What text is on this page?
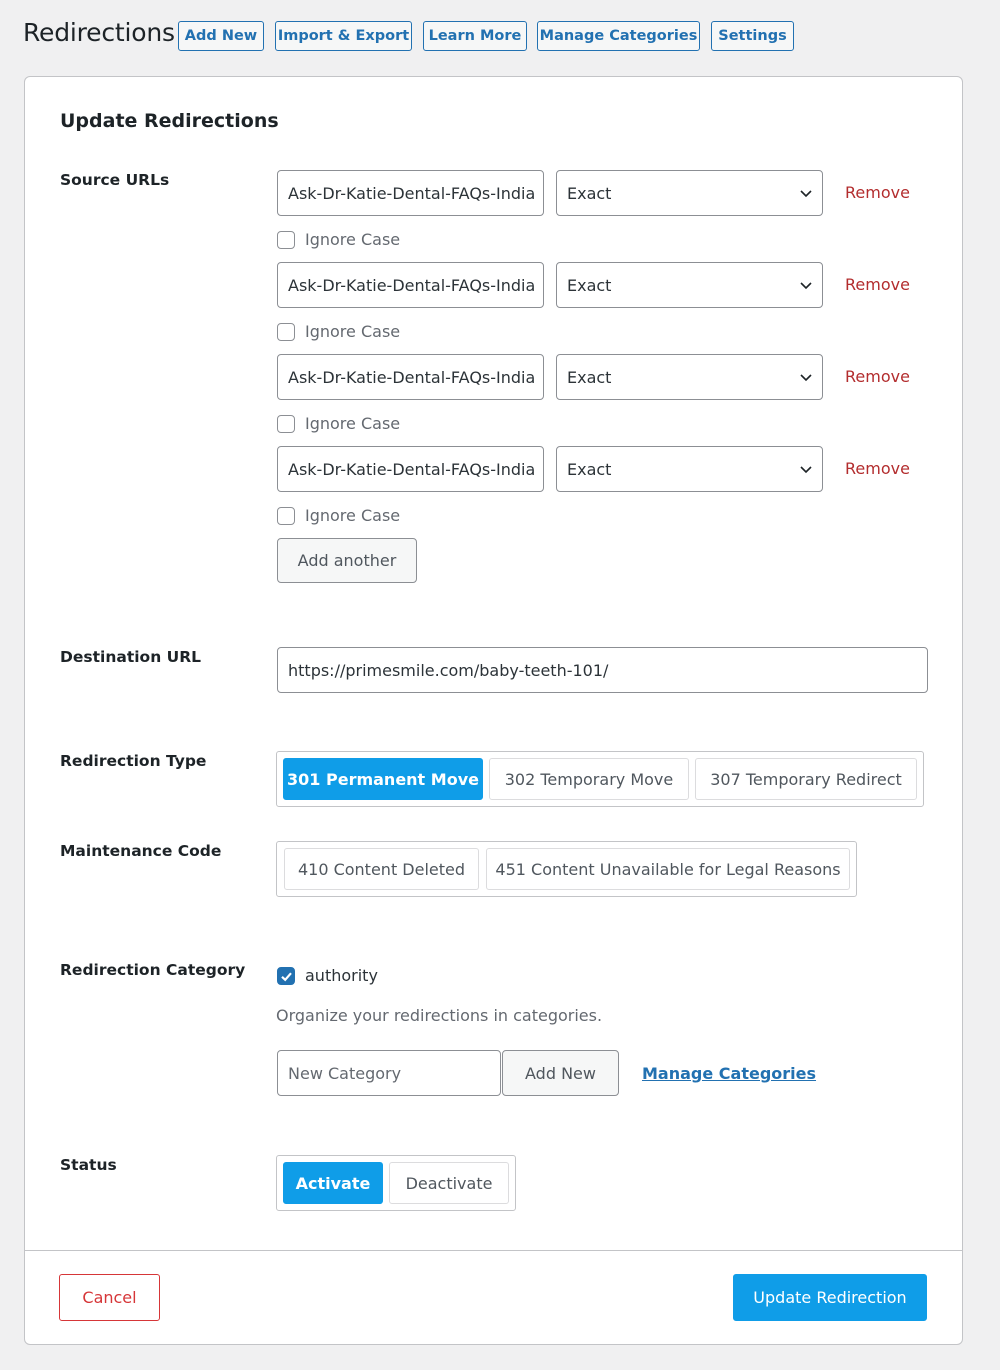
Redirections Add New	Import & Export	Learn More	Manage Categories	Settings
Update Redirections
Source URLs
Ask-Dr-Katie-Dental-FAQs-India	Exact	Remove
Ignore Case
Ask-Dr-Katie-Dental-FAQs-India	Exact	Remove
Ignore Case
Ask-Dr-Katie-Dental-FAQs-India	Exact	Remove
Ignore Case
Ask-Dr-Katie-Dental-FAQs-India	Exact	Remove
Ignore Case
Add another
Destination URL
https://primesmile.com/baby-teeth-101/
Redirection Type
301 Permanent Move	302 Temporary Move	307 Temporary Redirect
Maintenance Code
410 Content Deleted	451 Content Unavailable for Legal Reasons
Redirection Category	authority
Organize your redirections in categories.
New Category	Add New	Manage Categories
Status
Activate	Deactivate
Cancel	Update Redirection
